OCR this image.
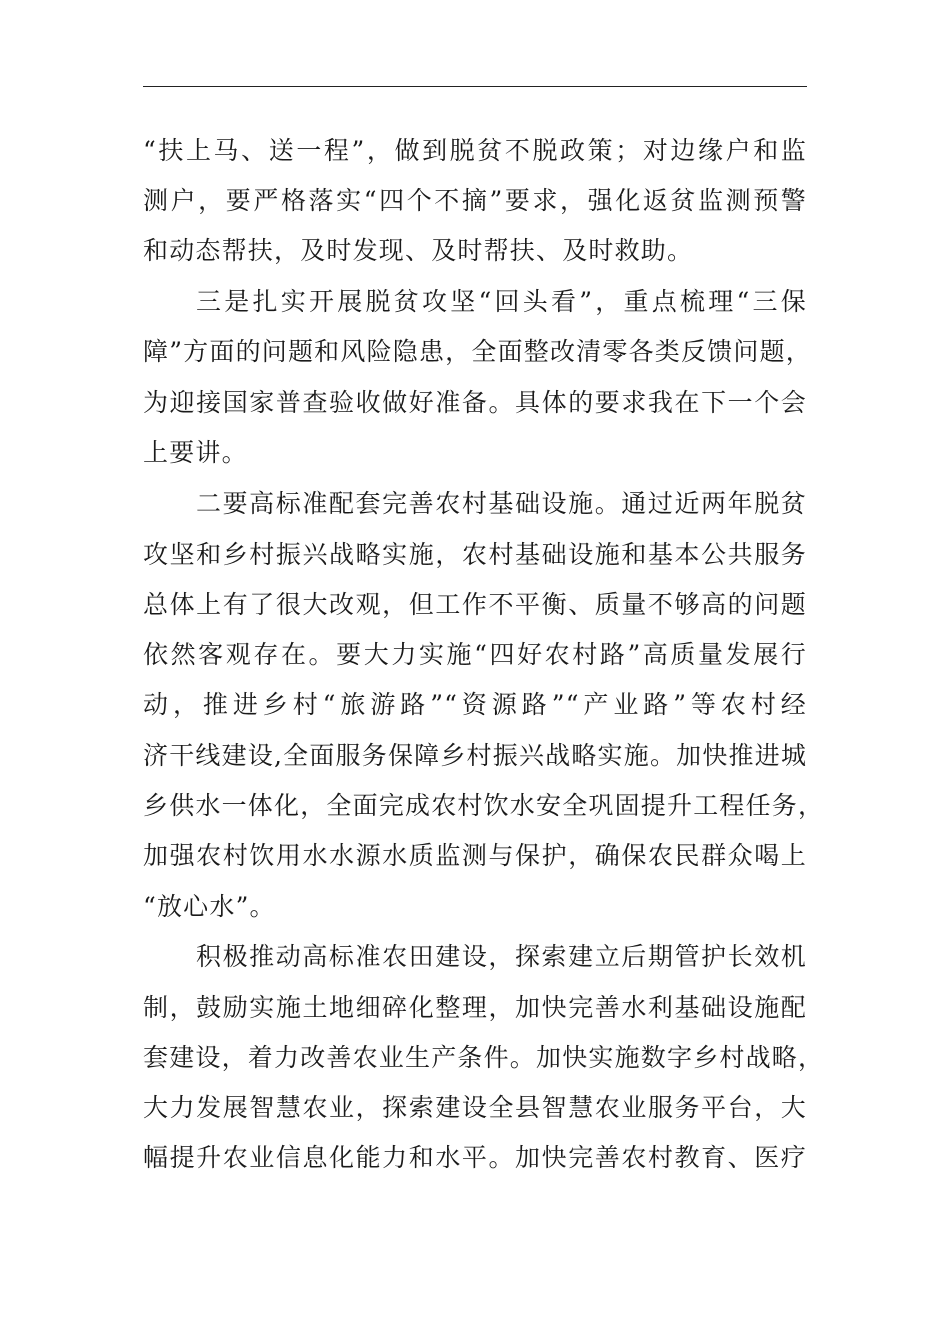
“扶上马、送一程”，做到脱贫不脱政策；对边缘户和监
测户，要严格落实“四个不摘”要求，强化返贫监测预警
和动态帮扶，及时发现、及时帮扶、及时救助。
三是扎实开展脱贫攻坚“回头看”，重点梳理“三保
障”方面的问题和风险隐患，全面整改清零各类反馈问题，
为迎接国家普查验收做好准备。具体的要求我在下一个会
上要讲。
二要高标准配套完善农村基础设施。通过近两年脱贫
攻坚和乡村振兴战略实施，农村基础设施和基本公共服务
总体上有了很大改观，但工作不平衡、质量不够高的问题
依然客观存在。要大力实施“四好农村路”高质量发展行
动，推进乡村“旅游路”“资源路”“产业路”等农村经
济干线建设,全面服务保障乡村振兴战略实施。加快推进城
乡供水一体化，全面完成农村饮水安全巩固提升工程任务，
加强农村饮用水水源水质监测与保护，确保农民群众喝上
“放心水”。
积极推动高标准农田建设，探索建立后期管护长效机
制，鼓励实施土地细碎化整理，加快完善水利基础设施配
套建设，着力改善农业生产条件。加快实施数字乡村战略，
大力发展智慧农业，探索建设全县智慧农业服务平台，大
幅提升农业信息化能力和水平。加快完善农村教育、医疗
